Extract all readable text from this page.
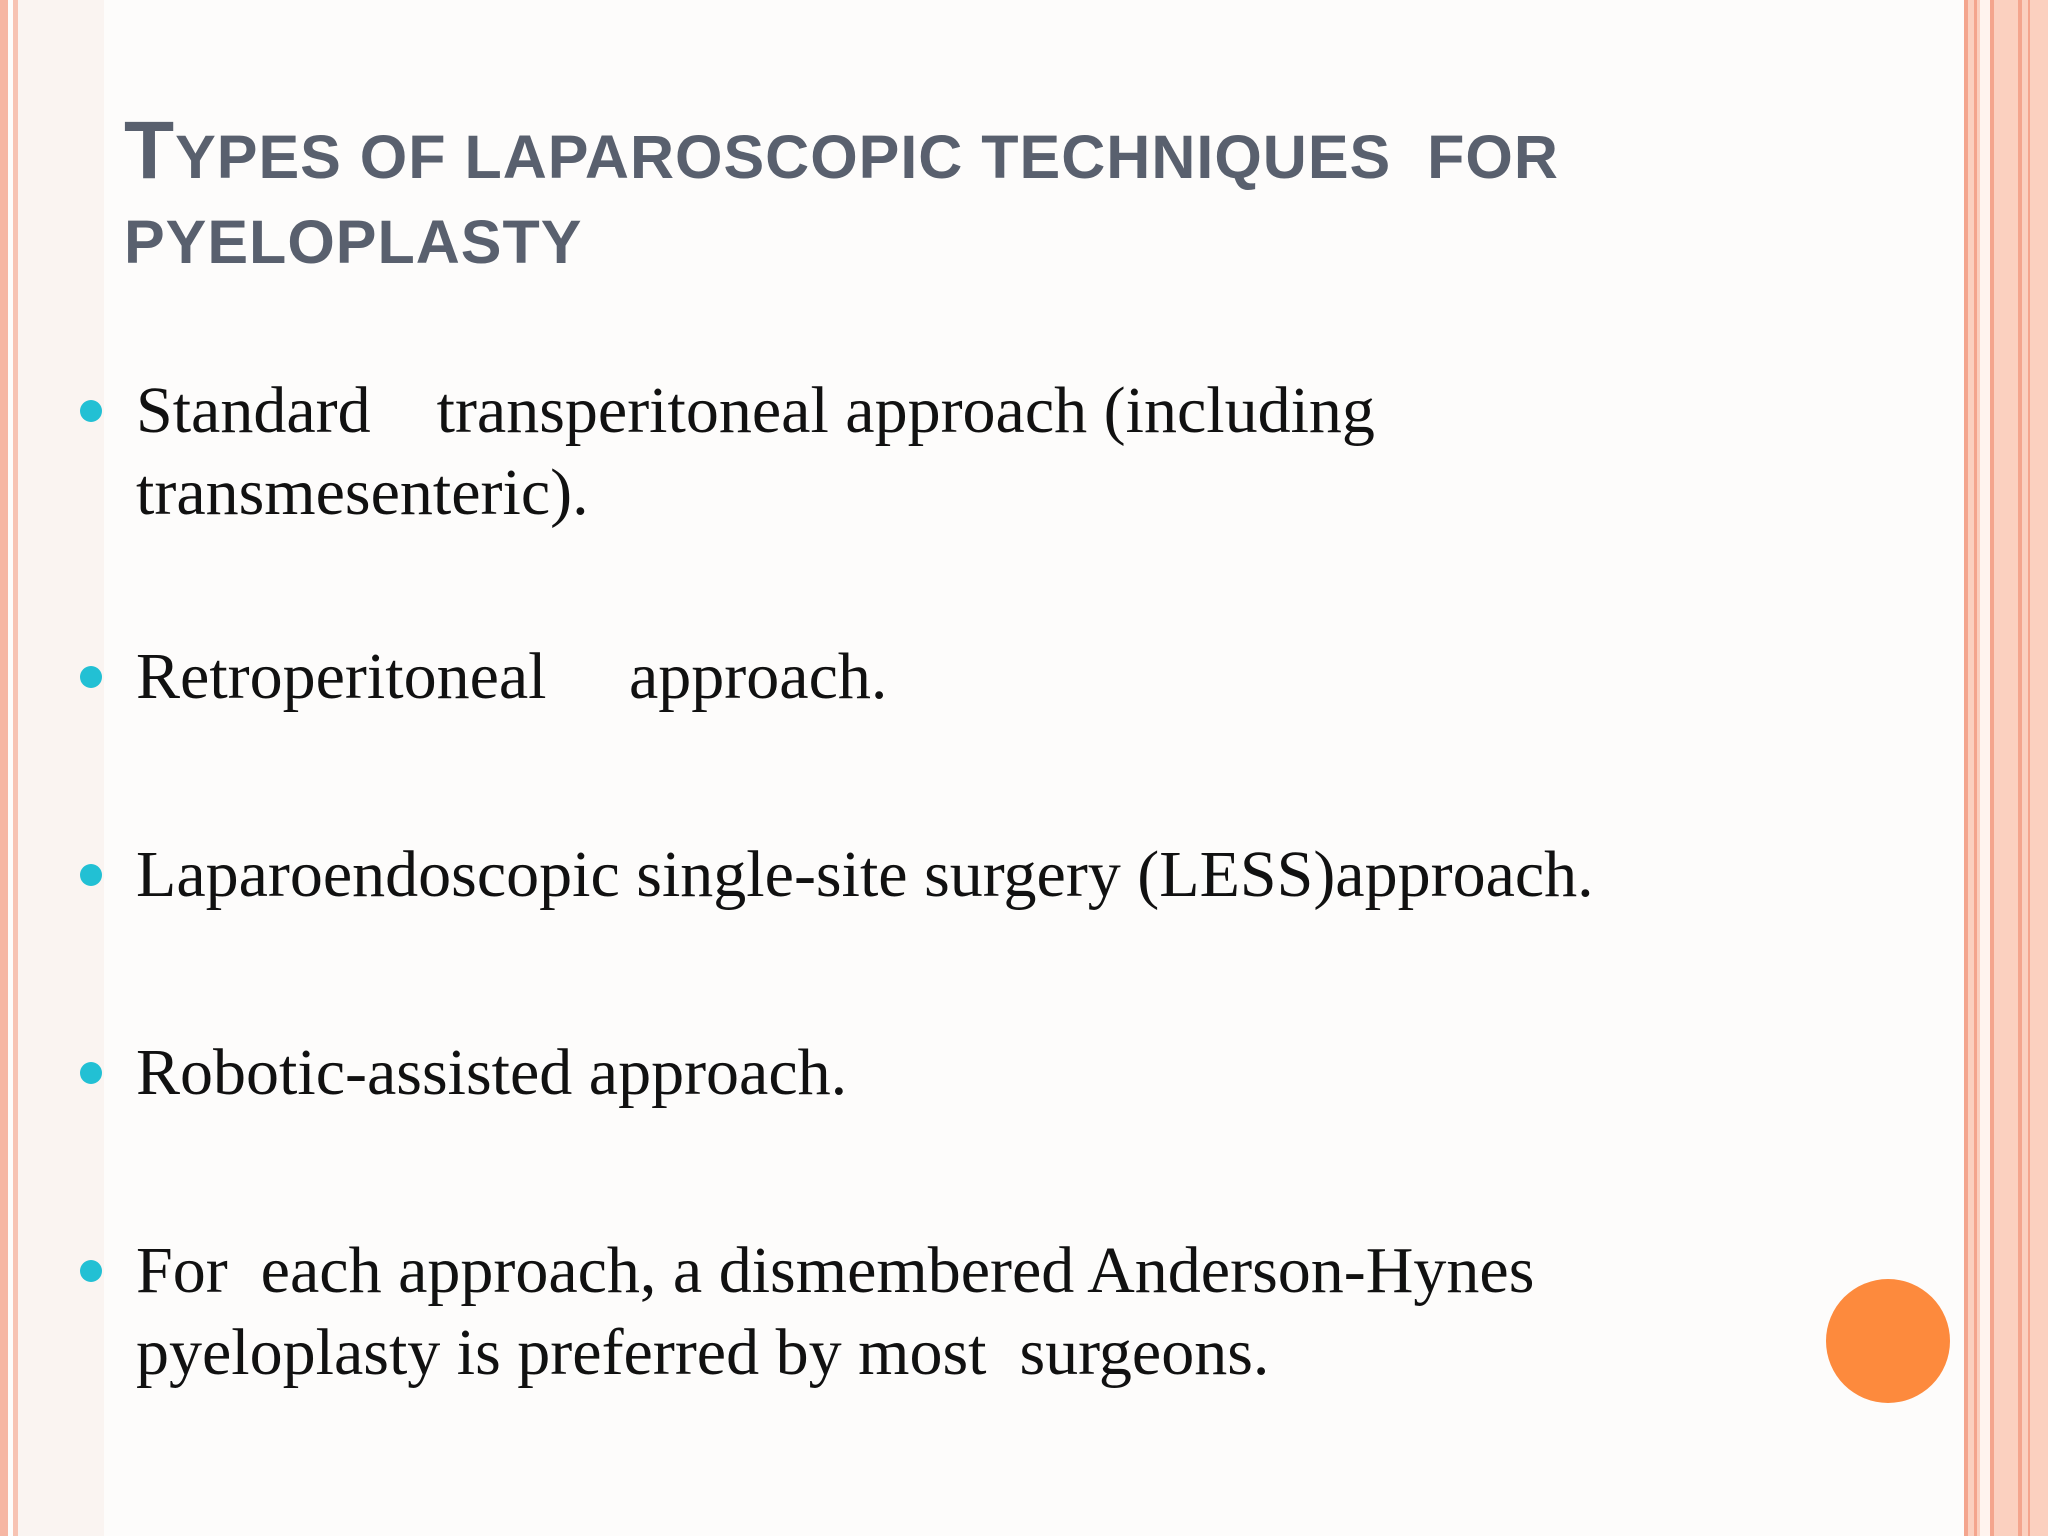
TYPES OF LAPAROSCOPIC TECHNIQUES  FOR
PYELOPLASTY
Standard    transperitoneal approach (including
transmesenteric).
Retroperitoneal     approach.
Laparoendoscopic single-site surgery (LESS)approach.
Robotic-assisted approach.
For  each approach, a dismembered Anderson-Hynes
pyeloplasty is preferred by most  surgeons.
